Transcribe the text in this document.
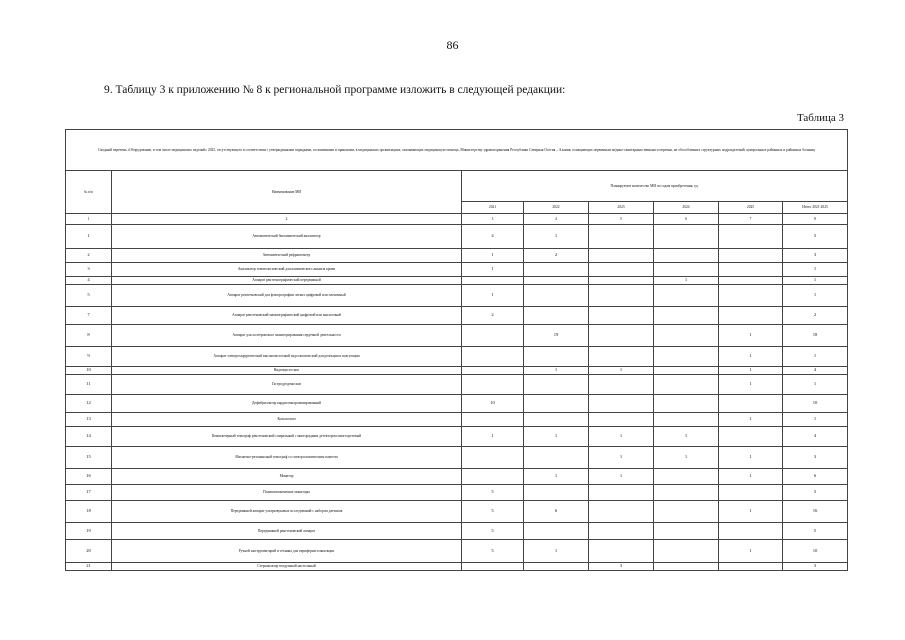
86
9. Таблицу 3 к приложению № 8 к региональной программе изложить в следующей редакции:
Таблица 3
Сводный перечень «Оборудование, в том числе медицинских изделий» 2025, отсутствующего в соответствии с утвержденными порядками, положениями и приказами, в медицинских организациях, оказывающих медицинскую помощь, Министерству здравоохранения Республики Северная Осетия – Алания, оснащающих первичным медико-санитарным звеньям и перечни, не обособленных структурных подразделений, центральных районных и районных больниц							
№ п/п	Наименование МИ	Планируемое количество МИ по годам приобретения, ед.					
		2021	2022	2023	2024	2025	Итого 2021-2025
1	2	3	4	5	6	7	8
1	Автоматический биохимический анализатор	4	1				5
2	Автоматический рефрактометр	1	2				3
3	Анализатор гематологический для клинического анализа крови	1					1
4	Аппарат рентгенографический передвижной				1		1
5	Аппарат рентгеновский для флюорографии легких цифровой или пленочный	1					1
7	Аппарат рентгеновский маммографический цифровой или аналоговый	2					2
8	Аппарат для холтеровского мониторирования сердечной деятельности		19			1	18
9	Аппарат электрохирургический высокочастотный эндоскопический для резекции и коагуляции					1	1
10	Видеоцистоскоп		1	1		1	4
11	Гастродуоденоскоп					1	1
12	Дефибриллятор кардиосинхронизированный	10					10
13	Кольпоскоп					1	1
14	Компьютерный томограф рентгеновский спиральный с многорядным детектором многосрезовый	1	1	1	1		4
15	Магнитно-резонансный томограф со спектроскопическим пакетом			1	1	1	3
16	Монитор		1	1		1	6
17	Поликомпонентные мониторы	5					5
18	Передвижной аппарат ультразвуковых исследований с набором датчиков	5	6			1	16
19	Передвижной рентгеновский аппарат	5					5
20	Ручной инструментарий и техника для периферии и инъекции	5	1			1	10
21	Стерилизатор воздушный настольный			3			3
